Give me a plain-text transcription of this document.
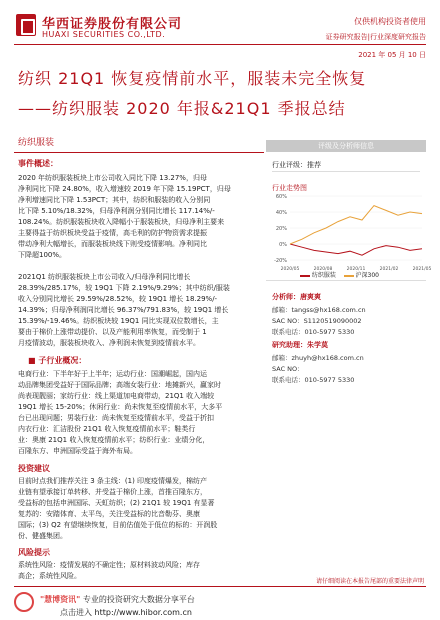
华西证券股份有限公司
HUAXI SECURITIES CO.,LTD.
仅供机构投资者使用
证券研究报告|行业深度研究报告
2021 年 05 月 10 日
纺织 21Q1 恢复疫情前水平，服装未完全恢复
——纺织服装 2020 年报&21Q1 季报总结
纺织服装
事件概述：
2020 年纺织服装板块上市公司收入同比下降 13.27%，归母
净利同比下降 24.80%，收入增速较 2019 年下降 15.19PCT，归母
净利增速同比下降 1.53PCT；其中，纺织和服装的收入分别同
比下降 5.10%/18.32%，归母净利润分别同比增长 117.14%/-
108.24%。纺织服装板块收入降幅小于服装板块，归母净利主要来
主要得益于纺织板块受益于疫情，高毛利的防护物资需求提振
带动净利大幅增长，而服装板块线下则受疫情影响。净利同比
下降超100%。

2021Q1 纺织服装板块上市公司收入/归母净利同比增长
28.39%/285.17%，较 19Q1 下降 2.19%/9.29%；其中纺织/服装
收入分别同比增长 29.59%/28.52%，较 19Q1 增长 18.29%/-
14.39%；归母净利润同比增长 96.37%/791.83%，较 19Q1 增长
15.39%/-19.46%。纺织板块较 19Q1 同比实现双位数增长，主
要由于棉价上涨带动提价、以及产能利用率恢复，而受制于 1
月疫情波动，服装板块收入、净利润未恢复到疫情前水平。
■ 子行业概况：
电商行业：下半年好于上半年；运动行业：国潮崛起，国内运
动品牌集团受益好于国际品牌；高端女装行业：地摊新兴，赢家时
尚表现靓丽；家纺行业：线上渠道加电商带动，21Q1 收入端较
19Q1 增长 15-20%；休闲行业：尚未恢复至疫情前水平，大多平
台已出现问题；男装行业：尚未恢复至疫情前水平，受益于折扣
内衣行业：汇洁股份 21Q1 收入恢复疫情前水平；鞋类行
业：奥康 21Q1 收入恢复疫情前水平；纺织行业：业绩分化，
百隆东方、申洲国际受益于海外布局。
投资建议
目前时点我们推荐关注 3 条主线：(1) 印度疫情爆发，棉纺产
业链有望承接订单转移、并受益于棉价上涨，首推百隆东方，
受益标的包括申洲国际、天虹纺织；(2) 21Q1 较 19Q1 有显著
复苏的：安踏体育、太平鸟，关注受益标的比音勒芬、奥康
国际；(3) Q2 有望继续恢复，目前估值处于低位的标的：开润股
份、健盛集团。
风险提示
系统性风险：疫情发展的不确定性；原材料波动风险；库存
高企；系统性风险。
评级及分析师信息
行业评级：推荐
行业走势图
60%
40%
20%
0%
-20%
2020/05	2020/08	2020/11	2021/02	2021/05
纺织服装	沪深300
分析师：唐爽爽
邮箱：tangss@hx168.com.cn
SAC NO：S1120519090002
联系电话：010-5977 5330
研究助理：朱学莫
邮箱：zhuyh@hx168.com.cn
SAC NO：
联系电话：010-5977 5330
请仔细阅读在本报告尾部的重要法律声明
"慧博资讯" 专业的投资研究大数据分享平台
点击进入 http://www.hibor.com.cn
